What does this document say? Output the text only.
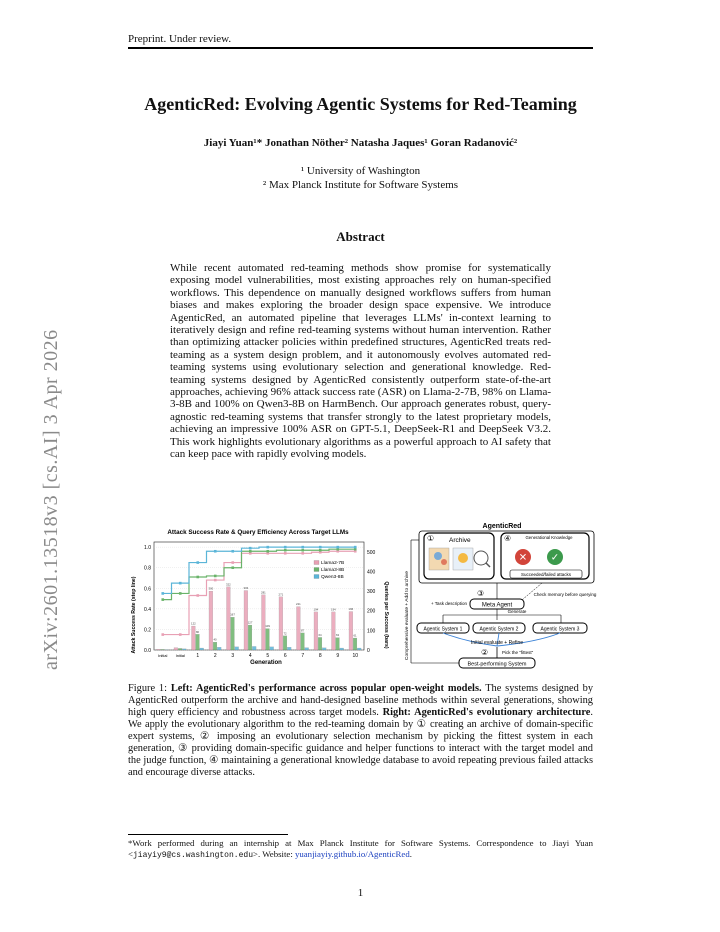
Preprint. Under review.
arXiv:2601.13518v3 [cs.AI] 3 Apr 2026
AgenticRed: Evolving Agentic Systems for Red-Teaming
Jiayi Yuan¹* Jonathan Nöther² Natasha Jaques¹ Goran Radanović²
¹ University of Washington
² Max Planck Institute for Software Systems
Abstract
While recent automated red-teaming methods show promise for systematically exposing model vulnerabilities, most existing approaches rely on human-specified workflows. This dependence on manually designed workflows suffers from human biases and makes exploring the broader design space expensive. We introduce AgenticRed, an automated pipeline that leverages LLMs' in-context learning to iteratively design and refine red-teaming systems without human intervention. Rather than optimizing attacker policies within predefined structures, AgenticRed treats red-teaming as a system design problem, and it autonomously evolves automated red-teaming systems using evolutionary selection and generational knowledge. Red-teaming systems designed by AgenticRed consistently outperform state-of-the-art approaches, achieving 96% attack success rate (ASR) on Llama-2-7B, 98% on Llama-3-8B and 100% on Qwen3-8B on HarmBench. Our approach generates robust, query-agnostic red-teaming systems that transfer strongly to the latest proprietary models, achieving an impressive 100% ASR on GPT-5.1, DeepSeek-R1 and DeepSeek V3.2. This work highlights evolutionary algorithms as a powerful approach to AI safety that can keep pace with rapidly evolving models.
Attack Success Rate & Query Efficiency Across Target LLMs
0.0
0.2
0.4
0.6
0.8
1.0
0
100
200
300
400
500
Initial Initial 1	2	3	4	5	6	7	8	9	10
122
300
322
303
281	271
221
194	194	196
80
40
167
127
109
72
87
64	63	61
Llama2-7B
Llama3-8B
Qwen3-8B
Generation
Attack Success Rate (step line)	Queries per Success (bars)
AgenticRed
① Archive	④	Generational Knowledge
✕ ✓
Succeeded/failed attacks
③
+ Task description Meta Agent
Check memory before querying
Generate
Agentic System 1	Agentic System 2	Agentic System 3
Initial evaluate + Refine
②	Pick the "fittest"
Best-performing System
Comprehensive evaluate + Add to archive
Figure 1: Left: AgenticRed's performance across popular open-weight models. The systems designed by AgenticRed outperform the archive and hand-designed baseline methods within several generations, showing high query efficiency and robustness across target models. Right: AgenticRed's evolutionary architecture. We apply the evolutionary algorithm to the red-teaming domain by ① creating an archive of domain-specific expert systems, ② imposing an evolutionary selection mechanism by picking the fittest system in each generation, ③ providing domain-specific guidance and helper functions to interact with the target model and the judge function, ④ maintaining a generational knowledge database to avoid repeating previous failed attacks and encourage diverse attacks.
*Work performed during an internship at Max Planck Institute for Software Systems. Correspondence to Jiayi Yuan <jiayiy9@cs.washington.edu>. Website: yuanjiayiy.github.io/AgenticRed.
1
